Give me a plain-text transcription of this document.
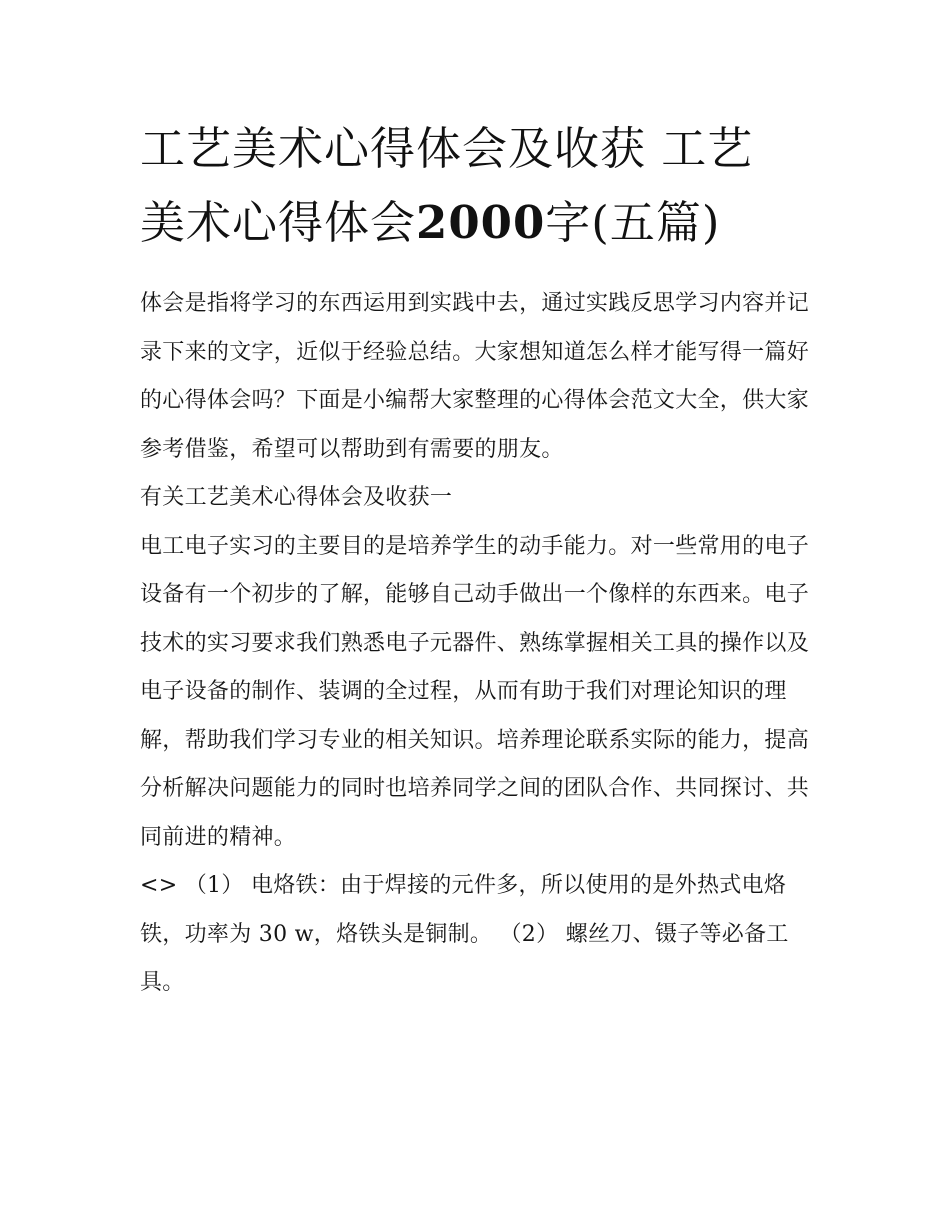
工艺美术心得体会及收获 工艺
美术心得体会2000字(五篇)

体会是指将学习的东西运用到实践中去，通过实践反思学习内容并记录下来的文字，近似于经验总结。大家想知道怎么样才能写得一篇好的心得体会吗？下面是小编帮大家整理的心得体会范文大全，供大家参考借鉴，希望可以帮助到有需要的朋友。

有关工艺美术心得体会及收获一

电工电子实习的主要目的是培养学生的动手能力。对一些常用的电子设备有一个初步的了解，能够自己动手做出一个像样的东西来。电子技术的实习要求我们熟悉电子元器件、熟练掌握相关工具的操作以及电子设备的制作、装调的全过程，从而有助于我们对理论知识的理解，帮助我们学习专业的相关知识。培养理论联系实际的能力，提高分析解决问题能力的同时也培养同学之间的团队合作、共同探讨、共同前进的精神。

<> （1） 电烙铁：由于焊接的元件多，所以使用的是外热式电烙铁，功率为 30 w，烙铁头是铜制。 （2） 螺丝刀、镊子等必备工具。
